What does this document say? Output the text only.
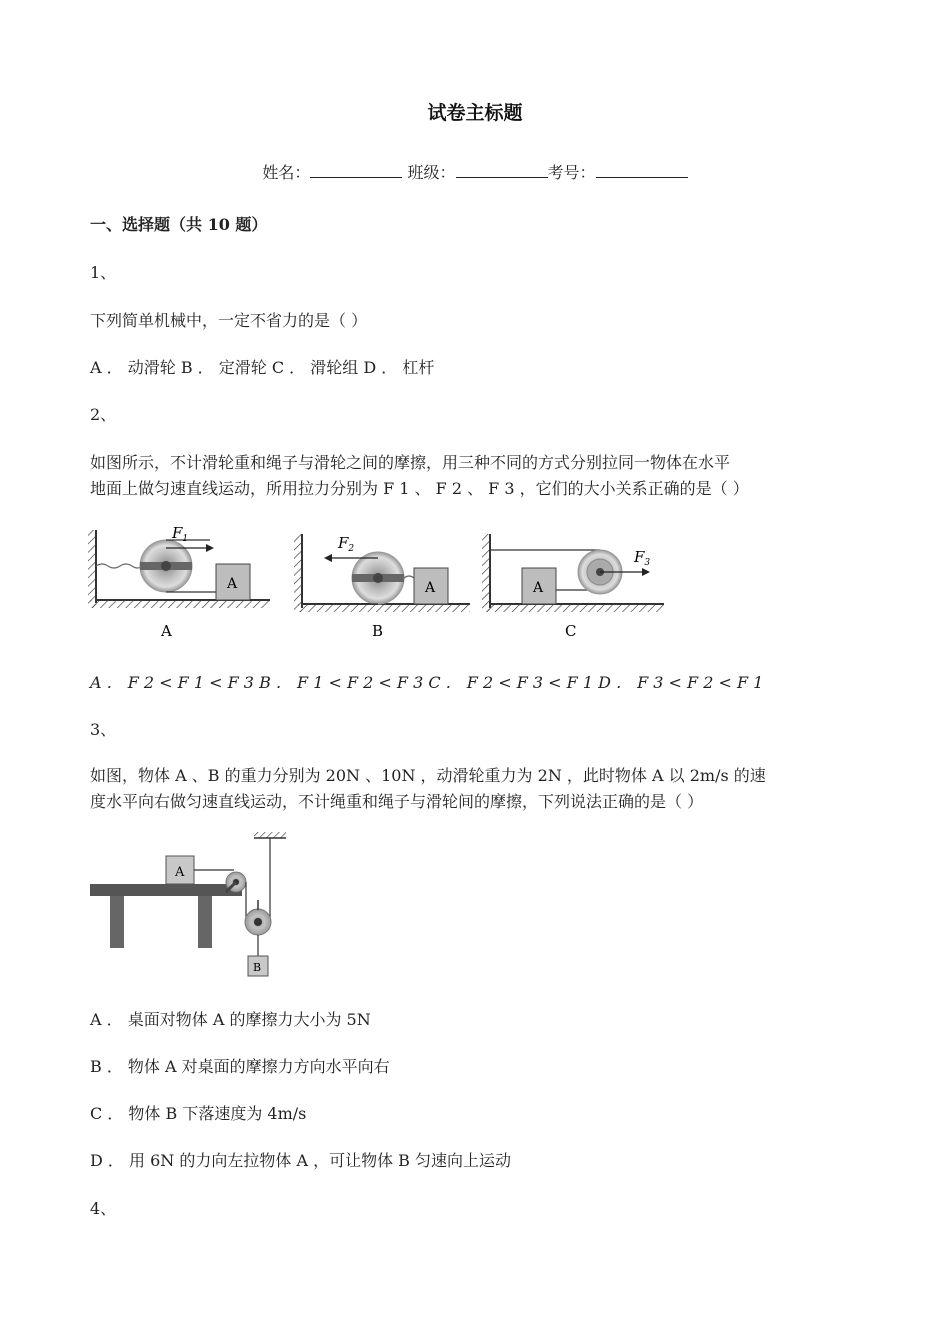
试卷主标题
姓名：	班级：	考号：
一、选择题（共 10 题）
1、
下列简单机械中，一定不省力的是（ ）
A ． 动滑轮 B ． 定滑轮 C ． 滑轮组 D ． 杠杆
2、
如图所示，不计滑轮重和绳子与滑轮之间的摩擦，用三种不同的方式分别拉同一物体在水平
地面上做匀速直线运动，所用拉力分别为 F 1 、 F 2 、 F 3 ，它们的大小关系正确的是（ ）
$F_1$
A
A
$F_2$
A
B
$F_3$
A
C
A ． F 2 < F 1 < F 3 B ． F 1 < F 2 < F 3 C ． F 2 < F 3 < F 1 D ． F 3 < F 2 < F 1
3、
如图，物体 A 、B 的重力分别为 20N 、10N ，动滑轮重力为 2N ，此时物体 A 以 2m/s 的速
度水平向右做匀速直线运动，不计绳重和绳子与滑轮间的摩擦，下列说法正确的是（ ）
A
B
A ． 桌面对物体 A 的摩擦力大小为 5N
B ． 物体 A 对桌面的摩擦力方向水平向右
C ． 物体 B 下落速度为 4m/s
D ． 用 6N 的力向左拉物体 A ，可让物体 B 匀速向上运动
4、
